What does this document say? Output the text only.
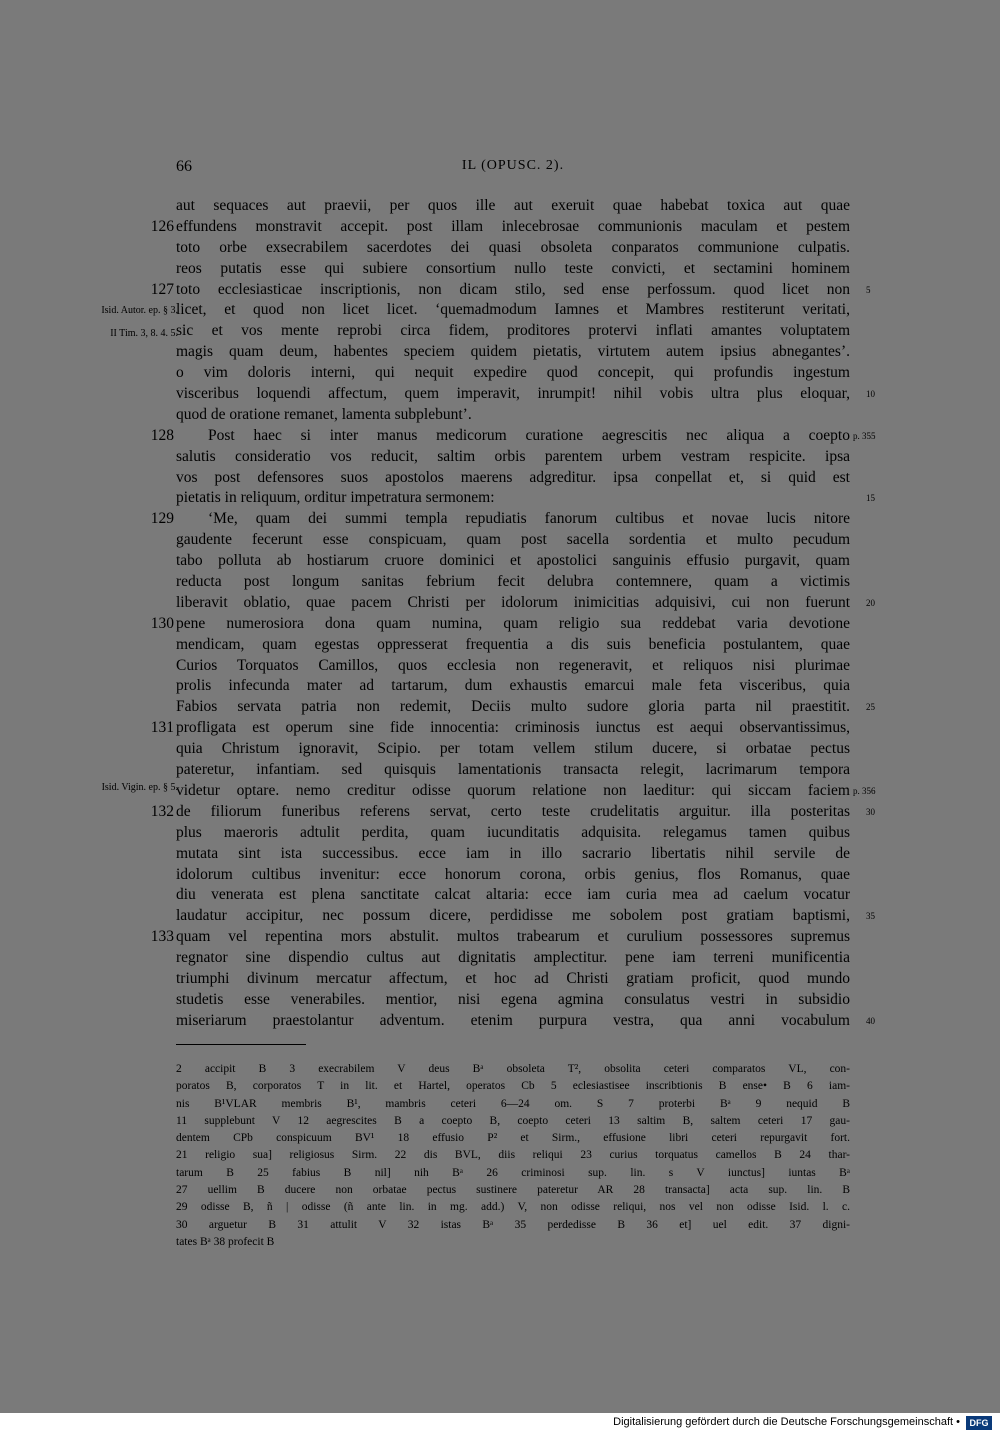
66	IL (OPUSC. 2).
aut sequaces aut praevii, per quos ille aut exeruit quae habebat toxica aut quae
126 effundens monstravit accepit. post illam inlecebrosae communionis maculam et pestem
toto orbe exsecrabilem sacerdotes dei quasi obsoleta conparatos communione culpatis.
reos putatis esse qui subiere consortium nullo teste convicti, et sectamini hominem
127 toto ecclesiasticae inscriptionis, non dicam stilo, sed ense perfossum. quod licet non 5
licet, et quod non licet licet. ‘quemadmodum Iamnes et Mambres restiterunt veritati,
sic et vos mente reprobi circa fidem, proditores protervi inflati amantes voluptatem
magis quam deum, habentes speciem quidem pietatis, virtutem autem ipsius abnegantes’.
o vim doloris interni, qui nequit expedire quod concepit, qui profundis ingestum
visceribus loquendi affectum, quem imperavit, inrumpit! nihil vobis ultra plus eloquar, 10
quod de oratione remanet, lamenta subplebunt’.
128	Post haec si inter manus medicorum curatione aegrescitis nec aliqua a coepto p. 355
salutis consideratio vos reducit, saltim orbis parentem urbem vestram respicite. ipsa
vos post defensores suos apostolos maerens adgreditur. ipsa conpellat et, si quid est
pietatis in reliquum, orditur impetratura sermonem:	15
129	‘Me, quam dei summi templa repudiatis fanorum cultibus et novae lucis nitore
gaudente fecerunt esse conspicuam, quam post sacella sordentia et multo pecudum
tabo polluta ab hostiarum cruore dominici et apostolici sanguinis effusio purgavit, quam
reducta post longum sanitas febrium fecit delubra contemnere, quam a victimis
liberavit oblatio, quae pacem Christi per idolorum inimicitias adquisivi, cui non fuerunt 20
130 pene numerosiora dona quam numina, quam religio sua reddebat varia devotione
mendicam, quam egestas oppresserat frequentia a dis suis beneficia postulantem, quae
Curios Torquatos Camillos, quos ecclesia non regeneravit, et reliquos nisi plurimae
prolis infecunda mater ad tartarum, dum exhaustis emarcui male feta visceribus, quia
Fabios servata patria non redemit, Deciis multo sudore gloria parta nil praestitit. 25
131 profligata est operum sine fide innocentia: criminosis iunctus est aequi observantissimus,
quia Christum ignoravit, Scipio. per totam vellem stilum ducere, si orbatae pectus
pateretur, infantiam. sed quisquis lamentationis transacta relegit, lacrimarum tempora
videtur optare. nemo creditur odisse quorum relatione non laeditur: qui siccam faciem p. 356
132 de filiorum funeribus referens servat, certo teste crudelitatis arguitur. illa posteritas 30
plus maeroris adtulit perdita, quam iucunditatis adquisita. relegamus tamen quibus
mutata sint ista successibus. ecce iam in illo sacrario libertatis nihil servile de
idolorum cultibus invenitur: ecce honorum corona, orbis genius, flos Romanus, quae
diu venerata est plena sanctitate calcat altaria: ecce iam curia mea ad caelum vocatur
laudatur accipitur, nec possum dicere, perdidisse me sobolem post gratiam baptismi, 35
133 quam vel repentina mors abstulit. multos trabearum et curulium possessores supremus
regnator sine dispendio cultus aut dignitatis amplectitur. pene iam terreni munificentia
triumphi divinum mercatur affectum, et hoc ad Christi gratiam proficit, quod mundo
studetis esse venerabiles. mentior, nisi egena agmina consulatus vestri in subsidio
miseriarum praestolantur adventum. etenim purpura vestra, qua anni vocabulum 40
Isid. Autor. ep. § 3.
II Tim. 3, 8. 4. 5.
Isid. Vigin. ep. § 5.
2 accipit B 3 execrabilem V deus Bᵃ obsoleta T², obsolita ceteri comparatos VL, con-
poratos B, corporatos T in lit. et Hartel, operatos Cb 5 eclesiastisee inscribtionis B ense• B 6 iam-
nis B¹VLAR membris B¹, mambris ceteri 6—24 om. S 7 proterbi Bᵃ 9 nequid B
11 supplebunt V 12 aegrescites B a coepto B, coepto ceteri 13 saltim B, saltem ceteri 17 gau-
dentem CPb conspicuum BV¹ 18 effusio P² et Sirm., effusione libri ceteri repurgavit fort.
21 religio sua] religiosus Sirm. 22 dis BVL, diis reliqui 23 curius torquatus camellos B 24 thar-
tarum B 25 fabius B nil] nih Bᵃ 26 criminosi sup. lin. s V iunctus] iuntas Bᵃ
27 uellim B ducere non orbatae pectus sustinere pateretur AR 28 transacta] acta sup. lin. B
29 odisse B, ñ | odisse (ñ ante lin. in mg. add.) V, non odisse reliqui, nos vel non odisse Isid. l. c.
30 arguetur B 31 attulit V 32 istas Bᵃ 35 perdedisse B 36 et] uel edit. 37 digni-
tates Bᵃ 38 profecit B
Digitalisierung gefördert durch die Deutsche Forschungsgemeinschaft •	DFG
